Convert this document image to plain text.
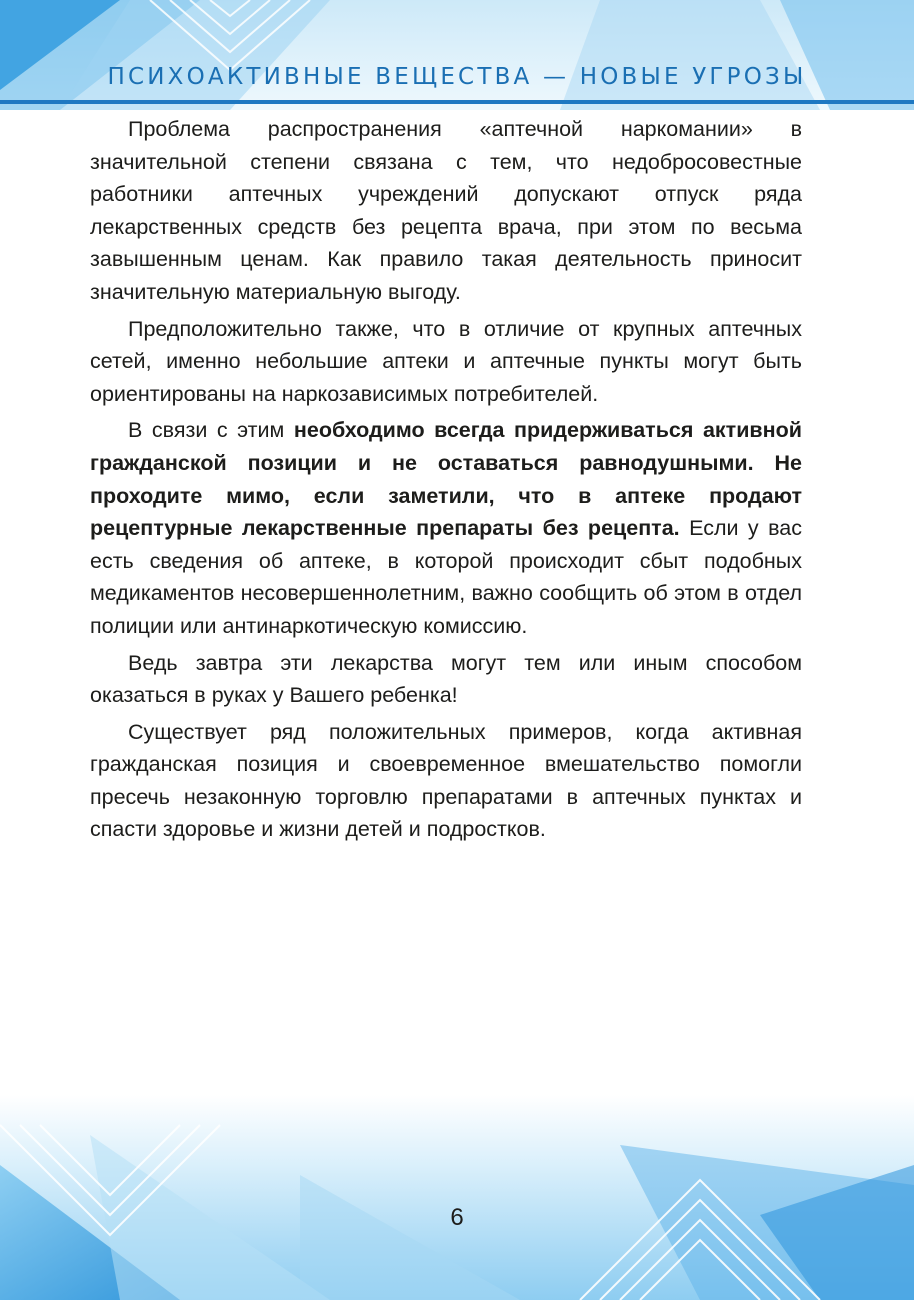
ПСИХОАКТИВНЫЕ ВЕЩЕСТВА — НОВЫЕ УГРОЗЫ

Проблема распространения «аптечной наркомании» в значительной степени связана с тем, что недобросовестные работники аптечных учреждений допускают отпуск ряда лекарственных средств без рецепта врача, при этом по весьма завышенным ценам. Как правило такая деятельность приносит значительную материальную выгоду.

Предположительно также, что в отличие от крупных аптечных сетей, именно небольшие аптеки и аптечные пункты могут быть ориентированы на наркозависимых потребителей.

В связи с этим необходимо всегда придерживаться активной гражданской позиции и не оставаться равнодушными. Не проходите мимо, если заметили, что в аптеке продают рецептурные лекарственные препараты без рецепта. Если у вас есть сведения об аптеке, в которой происходит сбыт подобных медикаментов несовершеннолетним, важно сообщить об этом в отдел полиции или антинаркотическую комиссию.

Ведь завтра эти лекарства могут тем или иным способом оказаться в руках у Вашего ребенка!

Существует ряд положительных примеров, когда активная гражданская позиция и своевременное вмешательство помогли пресечь незаконную торговлю препаратами в аптечных пунктах и спасти здоровье и жизни детей и подростков.

6
